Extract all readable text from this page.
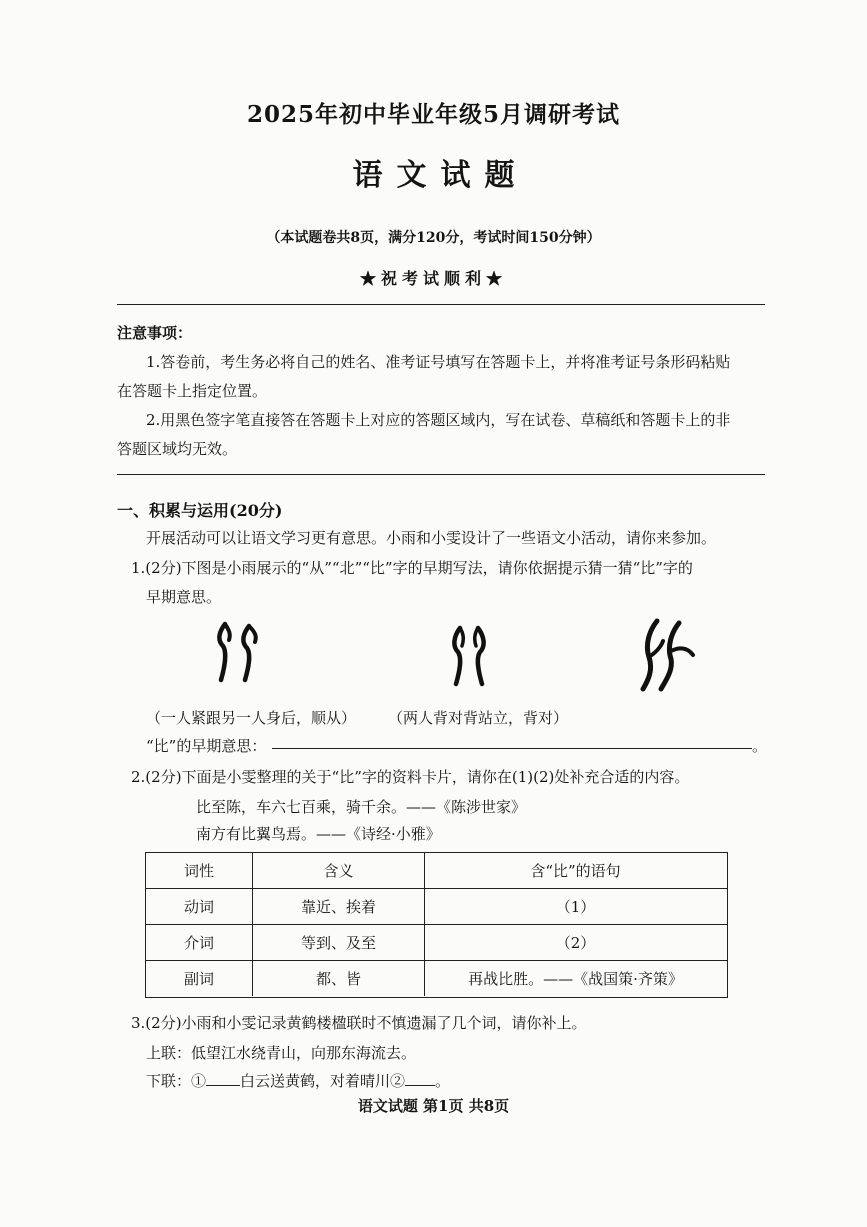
2025年初中毕业年级5月调研考试
语文试题
（本试题卷共8页，满分120分，考试时间150分钟）
★祝考试顺利★
注意事项：
1.答卷前，考生务必将自己的姓名、准考证号填写在答题卡上，并将准考证号条形码粘贴
在答题卡上指定位置。
2.用黑色签字笔直接答在答题卡上对应的答题区域内，写在试卷、草稿纸和答题卡上的非
答题区域均无效。
一、积累与运用(20分)
开展活动可以让语文学习更有意思。小雨和小雯设计了一些语文小活动，请你来参加。
1.(2分)下图是小雨展示的“从”“北”“比”字的早期写法，请你依据提示猜一猜“比”字的
早期意思。
（一人紧跟另一人身后，顺从） （两人背对背站立，背对）
“比”的早期意思：	。
2.(2分)下面是小雯整理的关于“比”字的资料卡片，请你在(1)(2)处补充合适的内容。
比至陈，车六七百乘，骑千余。——《陈涉世家》
南方有比翼鸟焉。——《诗经·小雅》
词性	含义	含“比”的语句
动词	靠近、挨着	（1）
介词	等到、及至	（2）
副词	都、皆	再战比胜。——《战国策·齐策》
3.(2分)小雨和小雯记录黄鹤楼楹联时不慎遗漏了几个词，请你补上。
上联：低望江水绕青山，向那东海流去。
下联：① 白云送黄鹤，对着晴川② 。
语文试题 第1页 共8页
